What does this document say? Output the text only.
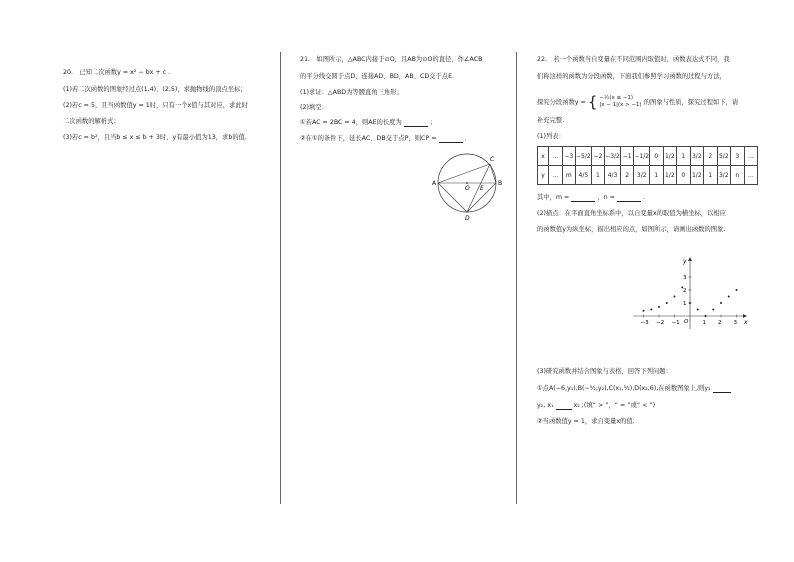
20.　已知二次函数y = x² − bx + c .
(1)若二次函数的图象经过点(1,4)，(2,5)，求抛物线的顶点坐标；
(2)若c = 5，且当函数值y = 1时，只有一个x值与其对应，求此时
二次函数的解析式；
(3)若c = b²，且当b ≤ x ≤ b + 3时，y有最小值为13，求b的值.
21.　如图所示，△ABC内接于⊙O，且AB为⊙O的直径，作∠ACB
的平分线交圆于点D，连接AD、BD，AB、CD交于点E.
(1)求证：△ABD为等腰直角三角形；
(2)填空：
①若AC = 2BC = 4，则AE的长度为	；
②在①的条件下，延长AC、DB交于点P，则CP =	．
A
O E
B
C
D
22.　若一个函数当自变量在不同范围内取值时，函数表达式不同，我
们称这样的函数为分段函数，下面我们参照学习函数的过程与方法，
探究分段函数y = { −½(x ≤ −1)
|x − 1|(x > −1) 的图象与性质，探究过程如下，请
补充完整.
(1)列表：
x	…	−3	−5/2	−2	−3/2	−1	−1/2	0	1/2	1	3/2	2	5/2	3	…
y	…	m	4/5	1	4/3	2	3/2	1	1/2	0	1/2	1	3/2	n	…
其中，m =	，n =	.
(2)描点：在平面直角坐标系中，以自变量x的取值为横坐标，以相应
的函数值y为纵坐标，描出相应的点，如图所示，请画出函数的图象.
y
x
O
−3 −2 −1	1 2 3
3
2
1
(3)研究函数并结合图象与表格，回答下列问题：
①点A(−6,y₁),B(−⁵⁄₂,y₂),C(x₁,⁵⁄₂),D(x₂,6),在函数图象上,则y₁
y₂, x₁	x₂ ;(填“ > ”，“ = ”或“ < ”)
②当函数值y = 1，求自变量x的值.
